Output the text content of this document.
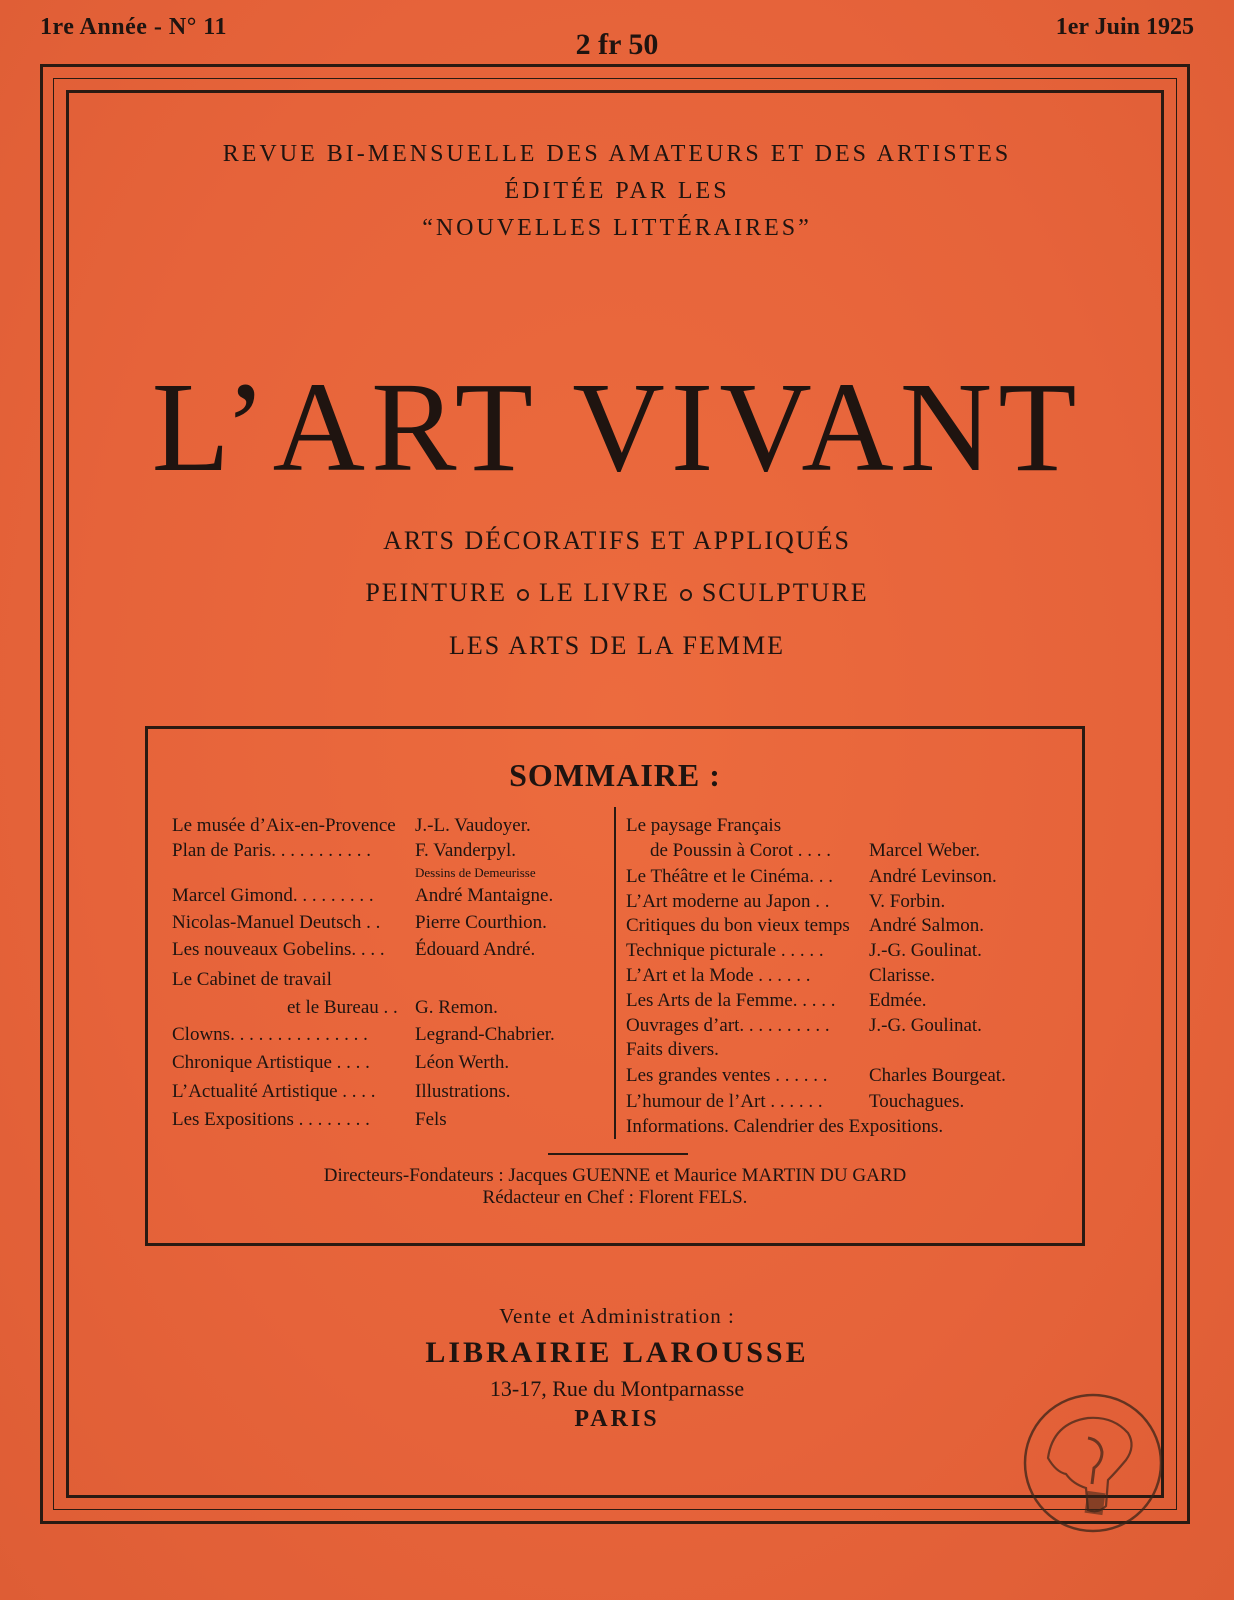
1re Année - N° 11
2 fr 50
1er Juin 1925
REVUE BI-MENSUELLE DES AMATEURS ET DES ARTISTES
ÉDITÉE PAR LES
“NOUVELLES LITTÉRAIRES”
L’ART VIVANT
ARTS DÉCORATIFS ET APPLIQUÉS
PEINTURE LE LIVRE SCULPTURE
LES ARTS DE LA FEMME
SOMMAIRE :
Le musée d’Aix-en-Provence J.-L. Vaudoyer.
Plan de Paris. . . . . . . . . . . F. Vanderpyl.
Dessins de Demeurisse
Marcel Gimond. . . . . . . . . André Mantaigne.
Nicolas-Manuel Deutsch . . Pierre Courthion.
Les nouveaux Gobelins. . . . Édouard André.
Le Cabinet de travail
et le Bureau . . G. Remon.
Clowns. . . . . . . . . . . . . . . Legrand-Chabrier.
Chronique Artistique . . . . Léon Werth.
L’Actualité Artistique . . . . Illustrations.
Les Expositions . . . . . . . . Fels
Le paysage Français
de Poussin à Corot . . . . Marcel Weber.
Le Théâtre et le Cinéma. . . André Levinson.
L’Art moderne au Japon . . V. Forbin.
Critiques du bon vieux temps André Salmon.
Technique picturale . . . . . J.-G. Goulinat.
L’Art et la Mode . . . . . .	Clarisse.
Les Arts de la Femme. . . . . Edmée.
Ouvrages d’art. . . . . . . . . . J.-G. Goulinat.
Faits divers.
Les grandes ventes . . . . . . Charles Bourgeat.
L’humour de l’Art . . . . . . Touchagues.
Informations. Calendrier des Expositions.
Directeurs-Fondateurs : Jacques GUENNE et Maurice MARTIN DU GARD
Rédacteur en Chef : Florent FELS.
Vente et Administration :
LIBRAIRIE LAROUSSE
13-17, Rue du Montparnasse
PARIS
